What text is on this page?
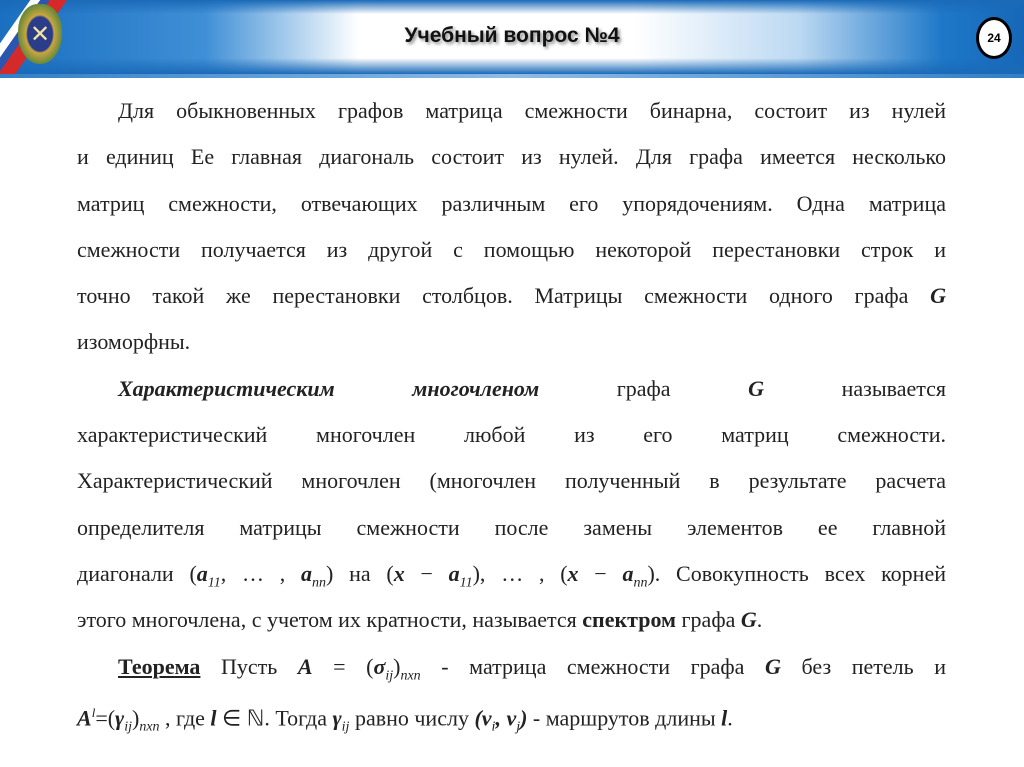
✕	Учебный вопрос №4	24
Для обыкновенных графов матрица смежности бинарна, состоит из нулей
и единиц Ее главная диагональ состоит из нулей. Для графа имеется несколько
матриц смежности, отвечающих различным его упорядочениям. Одна матрица
смежности получается из другой с помощью некоторой перестановки строк и
точно такой же перестановки столбцов. Матрицы смежности одного графа G
изоморфны.
Характеристическим многочленом графа G называется
характеристический многочлен любой из его матриц смежности.
Характеристический многочлен (многочлен полученный в результате расчета
определителя матрицы смежности после замены элементов ее главной
диагонали ($a_{11}$, … , $a_{nn}$) на $(x - a_{11})$, … , $(x - a_{nn})$. Совокупность всех корней
этого многочлена, с учетом их кратности, называется спектром графа G.
Теорема Пусть $A = (\sigma_{ij})_{nxn}$ - матрица смежности графа G без петель и
$A^l=(\gamma_{ij})_{nxn}$ , где l ∈ ℕ. Тогда $\gamma_{ij}$ равно числу ($v_i$, $v_j$) - маршрутов длины l.
